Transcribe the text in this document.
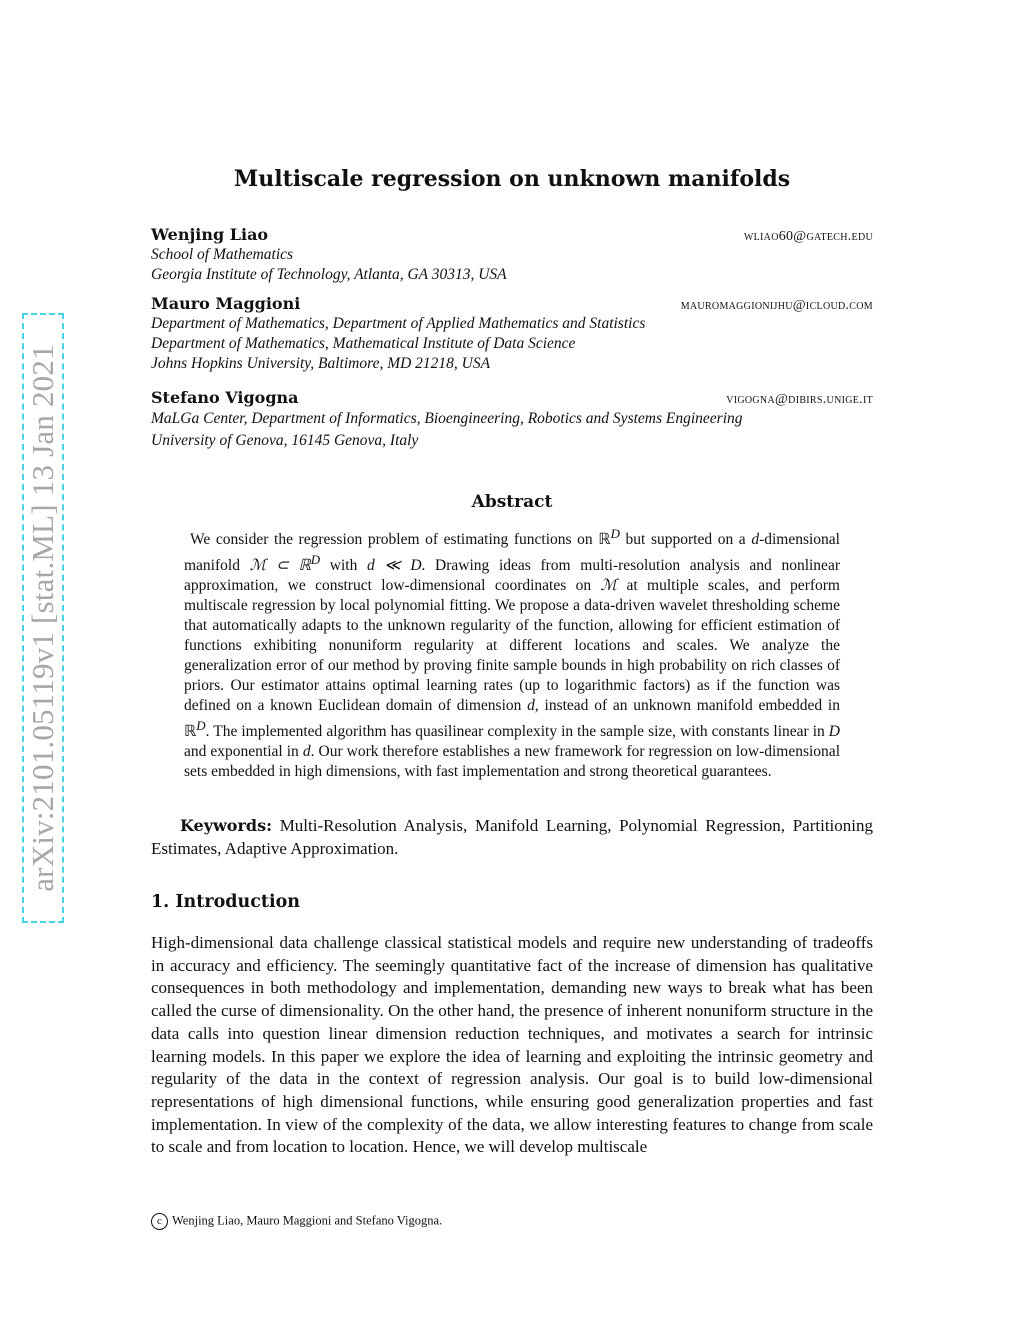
arXiv:2101.05119v1 [stat.ML] 13 Jan 2021
Multiscale regression on unknown manifolds
Wenjing Liao	wliao60@gatech.edu
School of Mathematics
Georgia Institute of Technology, Atlanta, GA 30313, USA
Mauro Maggioni	mauromaggionijhu@icloud.com
Department of Mathematics, Department of Applied Mathematics and Statistics
Department of Mathematics, Mathematical Institute of Data Science
Johns Hopkins University, Baltimore, MD 21218, USA
Stefano Vigogna	vigogna@dibirs.unige.it
MaLGa Center, Department of Informatics, Bioengineering, Robotics and Systems Engineering
University of Genova, 16145 Genova, Italy
Abstract

We consider the regression problem of estimating functions on ℝ$^D$ but supported on a d-dimensional manifold ℳ ⊂ ℝ$^D$ with d ≪ D. Drawing ideas from multi-resolution analysis and nonlinear approximation, we construct low-dimensional coordinates on ℳ at multiple scales, and perform multiscale regression by local polynomial fitting. We propose a data-driven wavelet thresholding scheme that automatically adapts to the unknown regularity of the function, allowing for efficient estimation of functions exhibiting nonuniform regularity at different locations and scales. We analyze the generalization error of our method by proving finite sample bounds in high probability on rich classes of priors. Our estimator attains optimal learning rates (up to logarithmic factors) as if the function was defined on a known Euclidean domain of dimension d, instead of an unknown manifold embedded in ℝ$^D$. The implemented algorithm has quasilinear complexity in the sample size, with constants linear in D and exponential in d. Our work therefore establishes a new framework for regression on low-dimensional sets embedded in high dimensions, with fast implementation and strong theoretical guarantees.

Keywords: Multi-Resolution Analysis, Manifold Learning, Polynomial Regression, Partitioning Estimates, Adaptive Approximation.

1. Introduction

High-dimensional data challenge classical statistical models and require new understanding of tradeoffs in accuracy and efficiency. The seemingly quantitative fact of the increase of dimension has qualitative consequences in both methodology and implementation, demanding new ways to break what has been called the curse of dimensionality. On the other hand, the presence of inherent nonuniform structure in the data calls into question linear dimension reduction techniques, and motivates a search for intrinsic learning models. In this paper we explore the idea of learning and exploiting the intrinsic geometry and regularity of the data in the context of regression analysis. Our goal is to build low-dimensional representations of high dimensional functions, while ensuring good generalization properties and fast implementation. In view of the complexity of the data, we allow interesting features to change from scale to scale and from location to location. Hence, we will develop multiscale

c Wenjing Liao, Mauro Maggioni and Stefano Vigogna.
